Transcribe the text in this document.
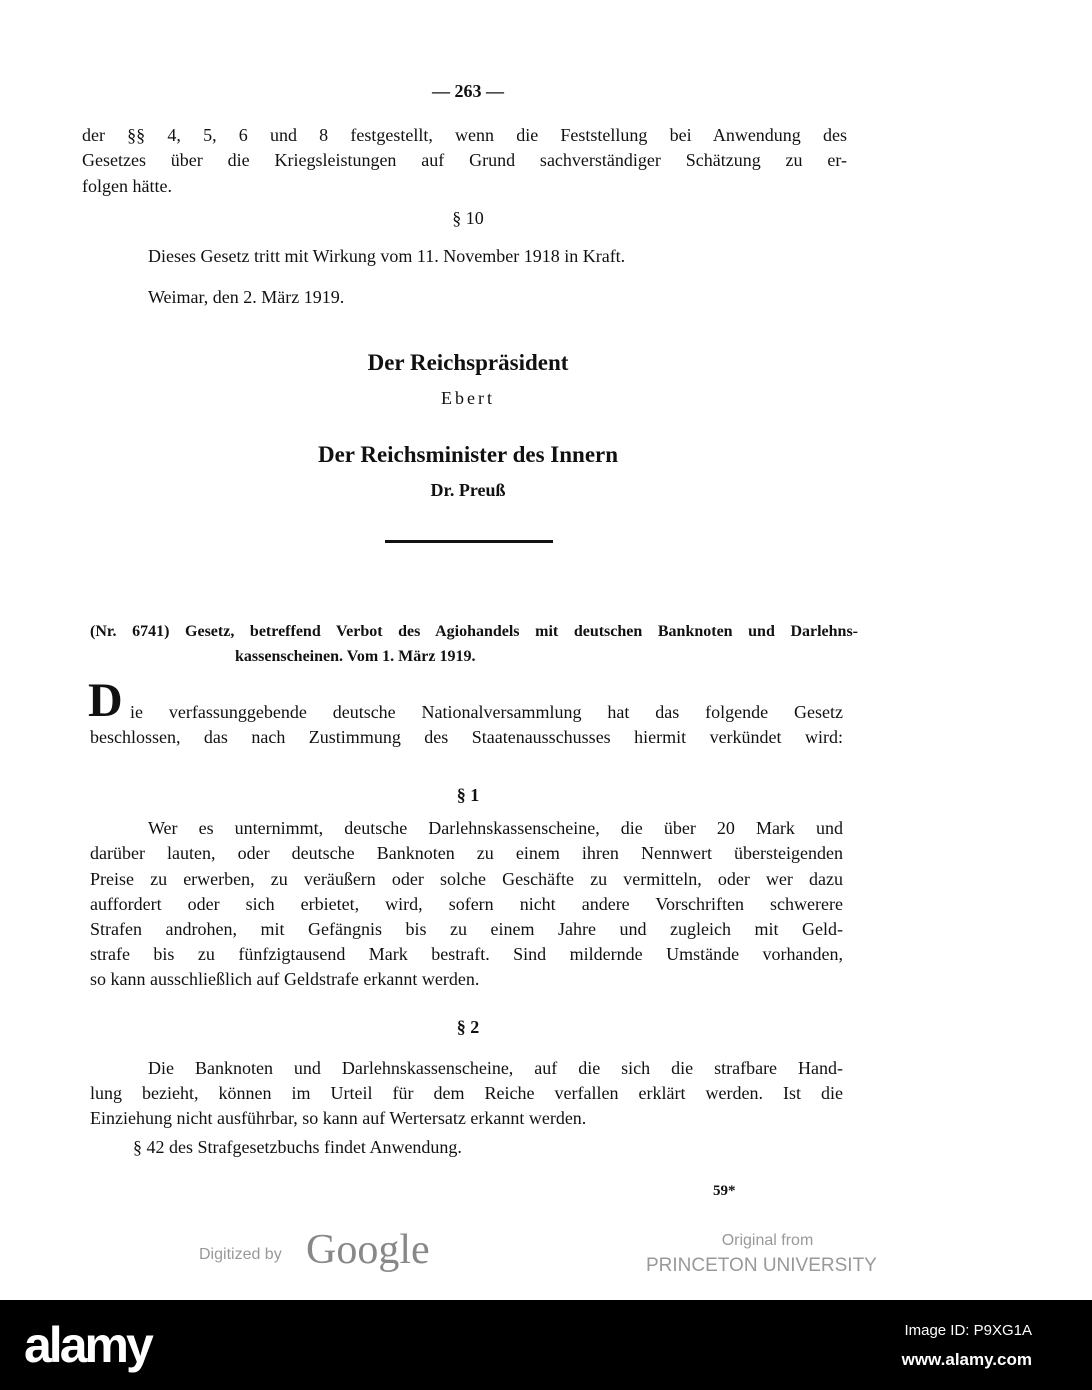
— 263 —
der §§ 4, 5, 6 und 8 festgestellt, wenn die Feststellung bei Anwendung des
Gesetzes über die Kriegsleistungen auf Grund sachverständiger Schätzung zu er-
folgen hätte.
§ 10
Dieses Gesetz tritt mit Wirkung vom 11. November 1918 in Kraft.
Weimar, den 2. März 1919.
Der Reichspräsident
Ebert
Der Reichsminister des Innern
Dr. Preuß
(Nr. 6741) Gesetz, betreffend Verbot des Agiohandels mit deutschen Banknoten und Darlehns-
kassenscheinen. Vom 1. März 1919.
D ie verfassunggebende deutsche Nationalversammlung hat das folgende Gesetz
beschlossen, das nach Zustimmung des Staatenausschusses hiermit verkündet wird:
§ 1
Wer es unternimmt, deutsche Darlehnskassenscheine, die über 20 Mark und
darüber lauten, oder deutsche Banknoten zu einem ihren Nennwert übersteigenden
Preise zu erwerben, zu veräußern oder solche Geschäfte zu vermitteln, oder wer dazu
auffordert oder sich erbietet, wird, sofern nicht andere Vorschriften schwerere
Strafen androhen, mit Gefängnis bis zu einem Jahre und zugleich mit Geld-
strafe bis zu fünfzigtausend Mark bestraft. Sind mildernde Umstände vorhanden,
so kann ausschließlich auf Geldstrafe erkannt werden.
§ 2
Die Banknoten und Darlehnskassenscheine, auf die sich die strafbare Hand-
lung bezieht, können im Urteil für dem Reiche verfallen erklärt werden. Ist die
Einziehung nicht ausführbar, so kann auf Wertersatz erkannt werden.
§ 42 des Strafgesetzbuchs findet Anwendung.
59*
Digitized by Google	Original from
PRINCETON UNIVERSITY
alamy	Image ID: P9XG1A
www.alamy.com
